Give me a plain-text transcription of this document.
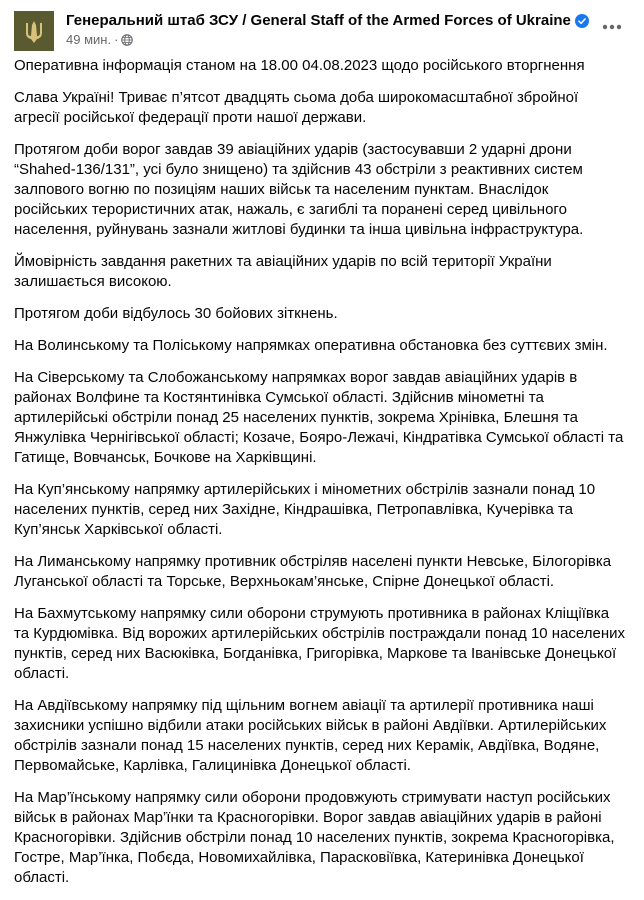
Генеральний штаб ЗСУ / General Staff of the Armed Forces of Ukraine
49 мин. ·

Оперативна інформація станом на 18.00 04.08.2023 щодо російського вторгнення

Слава Україні! Триває п’ятсот двадцять сьома доба широкомасштабної збройної агресії російської федерації проти нашої держави.

Протягом доби ворог завдав 39 авіаційних ударів (застосувавши 2 ударні дрони “Shahed-136/131”, усі було знищено) та здійснив 43 обстріли з реактивних систем залпового вогню по позиціям наших військ та населеним пунктам. Внаслідок російських терористичних атак, нажаль, є загиблі та поранені серед цивільного населення, руйнувань зазнали житлові будинки та інша цивільна інфраструктура.

Ймовірність завдання ракетних та авіаційних ударів по всій території України залишається високою.

Протягом доби відбулось 30 бойових зіткнень.

На Волинському та Поліському напрямках оперативна обстановка без суттєвих змін.

На Сіверському та Слобожанському напрямках ворог завдав авіаційних ударів в районах Волфине та Костянтинівка Сумської області. Здійснив мінометні та артилерійські обстріли понад 25 населених пунктів, зокрема Хрінівка, Блешня та Янжулівка Чернігівської області; Козаче, Бояро-Лежачі, Кіндратівка Сумської області та Гатище, Вовчанськ, Бочкове на Харківщині.

На Куп’янському напрямку артилерійських і мінометних обстрілів зазнали понад 10 населених пунктів, серед них Західне, Кіндрашівка, Петропавлівка, Кучерівка та Куп’янськ Харківської області.

На Лиманському напрямку противник обстріляв населені пункти Невське, Білогорівка Луганської області та Торське, Верхньокам’янське, Спірне Донецької області.

На Бахмутському напрямку сили оборони струмують противника в районах Кліщіївка та Курдюмівка. Від ворожих артилерійських обстрілів постраждали понад 10 населених пунктів, серед них Васюківка, Богданівка, Григорівка, Маркове та Іванівське Донецької області.

На Авдіївському напрямку під щільним вогнем авіації та артилерії противника наші захисники успішно відбили атаки російських військ в районі Авдіївки. Артилерійських обстрілів зазнали понад 15 населених пунктів, серед них Керамік, Авдіївка, Водяне, Первомайське, Карлівка, Галицинівка Донецької області.

На Мар’їнському напрямку сили оборони продовжують стримувати наступ російських військ в районах Мар’їнки та Красногорівки. Ворог завдав авіаційних ударів в районі Красногорівки. Здійснив обстріли понад 10 населених пунктів, зокрема Красногорівка, Гостре, Мар’їнка, Побєда, Новомихайлівка, Парасковіївка, Катеринівка Донецької області.
